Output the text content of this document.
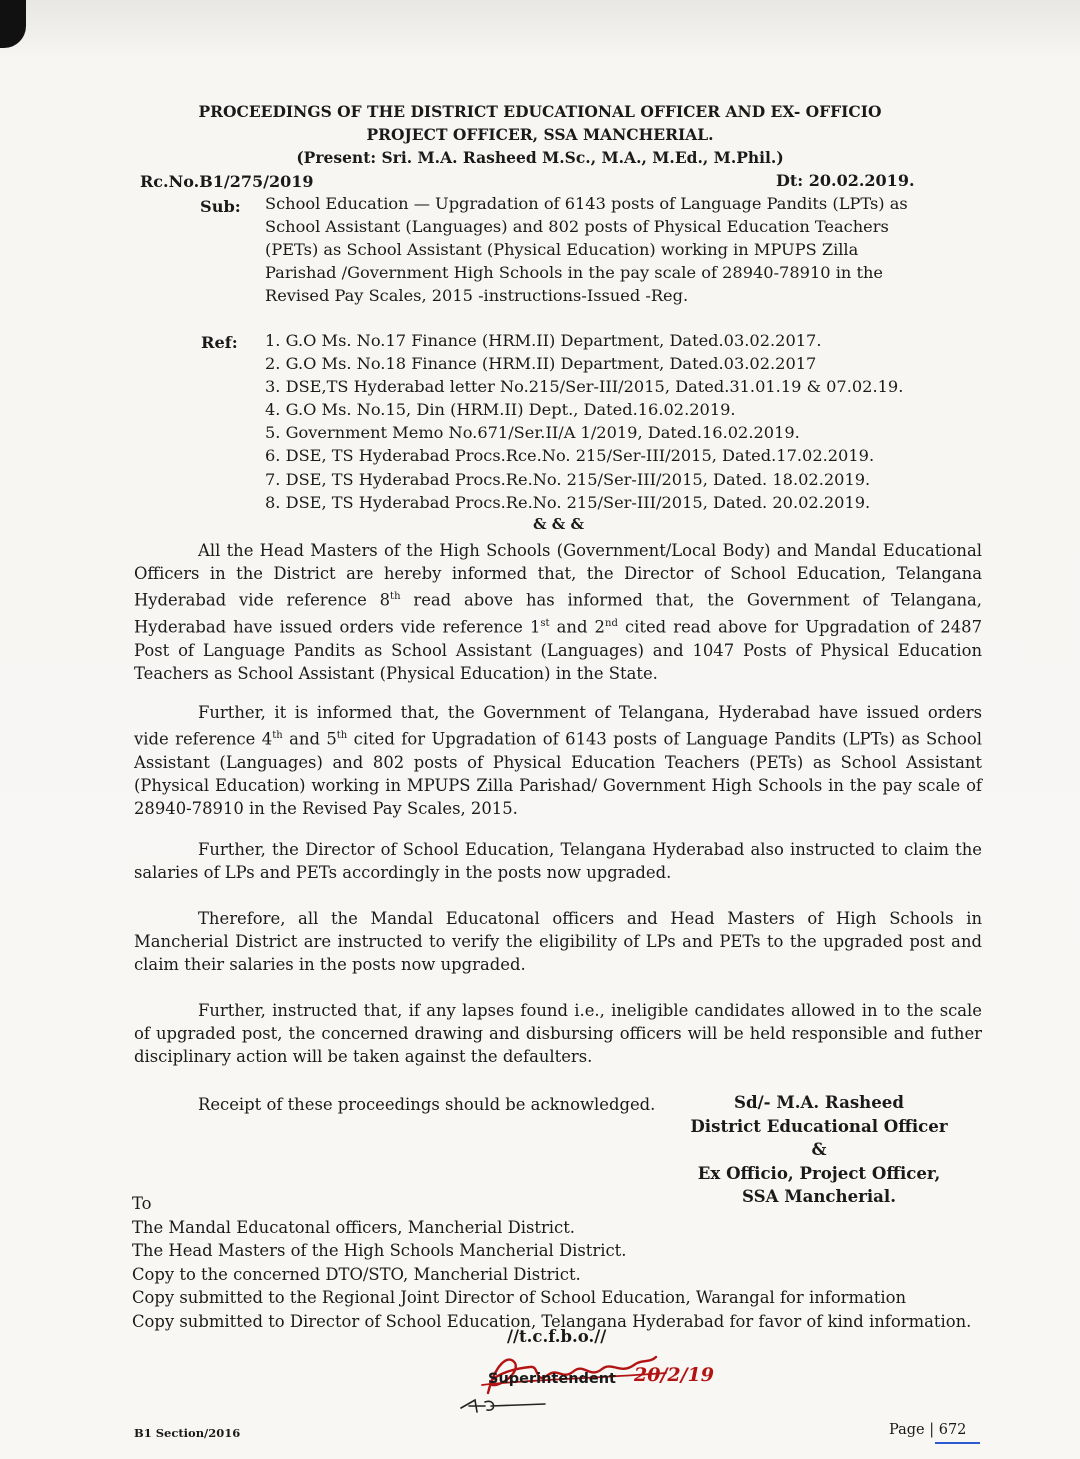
PROCEEDINGS OF THE DISTRICT EDUCATIONAL OFFICER AND EX- OFFICIO
PROJECT OFFICER, SSA MANCHERIAL.
(Present: Sri. M.A. Rasheed M.Sc., M.A., M.Ed., M.Phil.)
Rc.No.B1/275/2019	Dt: 20.02.2019.
Sub: School Education — Upgradation of 6143 posts of Language Pandits (LPTs) as
School Assistant (Languages) and 802 posts of Physical Education Teachers
(PETs) as School Assistant (Physical Education) working in MPUPS Zilla
Parishad /Government High Schools in the pay scale of 28940-78910 in the
Revised Pay Scales, 2015 -instructions-Issued -Reg.
Ref: 1. G.O Ms. No.17 Finance (HRM.II) Department, Dated.03.02.2017.
2. G.O Ms. No.18 Finance (HRM.II) Department, Dated.03.02.2017
3. DSE,TS Hyderabad letter No.215/Ser-III/2015, Dated.31.01.19 & 07.02.19.
4. G.O Ms. No.15, Din (HRM.II) Dept., Dated.16.02.2019.
5. Government Memo No.671/Ser.II/A 1/2019, Dated.16.02.2019.
6. DSE, TS Hyderabad Procs.Rce.No. 215/Ser-III/2015, Dated.17.02.2019.
7. DSE, TS Hyderabad Procs.Re.No. 215/Ser-III/2015, Dated. 18.02.2019.
8. DSE, TS Hyderabad Procs.Re.No. 215/Ser-III/2015, Dated. 20.02.2019.
& & &
All the Head Masters of the High Schools (Government/Local Body) and Mandal Educational Officers in the District are hereby informed that, the Director of School Education, Telangana Hyderabad vide reference 8th read above has informed that, the Government of Telangana, Hyderabad have issued orders vide reference 1st and 2nd cited read above for Upgradation of 2487 Post of Language Pandits as School Assistant (Languages) and 1047 Posts of Physical Education Teachers as School Assistant (Physical Education) in the State.
Further, it is informed that, the Government of Telangana, Hyderabad have issued orders vide reference 4th and 5th cited for Upgradation of 6143 posts of Language Pandits (LPTs) as School Assistant (Languages) and 802 posts of Physical Education Teachers (PETs) as School Assistant (Physical Education) working in MPUPS Zilla Parishad/ Government High Schools in the pay scale of 28940-78910 in the Revised Pay Scales, 2015.
Further, the Director of School Education, Telangana Hyderabad also instructed to claim the salaries of LPs and PETs accordingly in the posts now upgraded.
Therefore, all the Mandal Educatonal officers and Head Masters of High Schools in Mancherial District are instructed to verify the eligibility of LPs and PETs to the upgraded post and claim their salaries in the posts now upgraded.
Further, instructed that, if any lapses found i.e., ineligible candidates allowed in to the scale of upgraded post, the concerned drawing and disbursing officers will be held responsible and futher disciplinary action will be taken against the defaulters.
Receipt of these proceedings should be acknowledged.	Sd/- M.A. Rasheed
District Educational Officer &
Ex Officio, Project Officer,
SSA Mancherial.
To
The Mandal Educatonal officers, Mancherial District.
The Head Masters of the High Schools Mancherial District.
Copy to the concerned DTO/STO, Mancherial District.
Copy submitted to the Regional Joint Director of School Education, Warangal for information
Copy submitted to Director of School Education, Telangana Hyderabad for favor of kind information.
//t.c.f.b.o.//
Superintendent 20/2/19
B1 Section/2016	Page | 672
